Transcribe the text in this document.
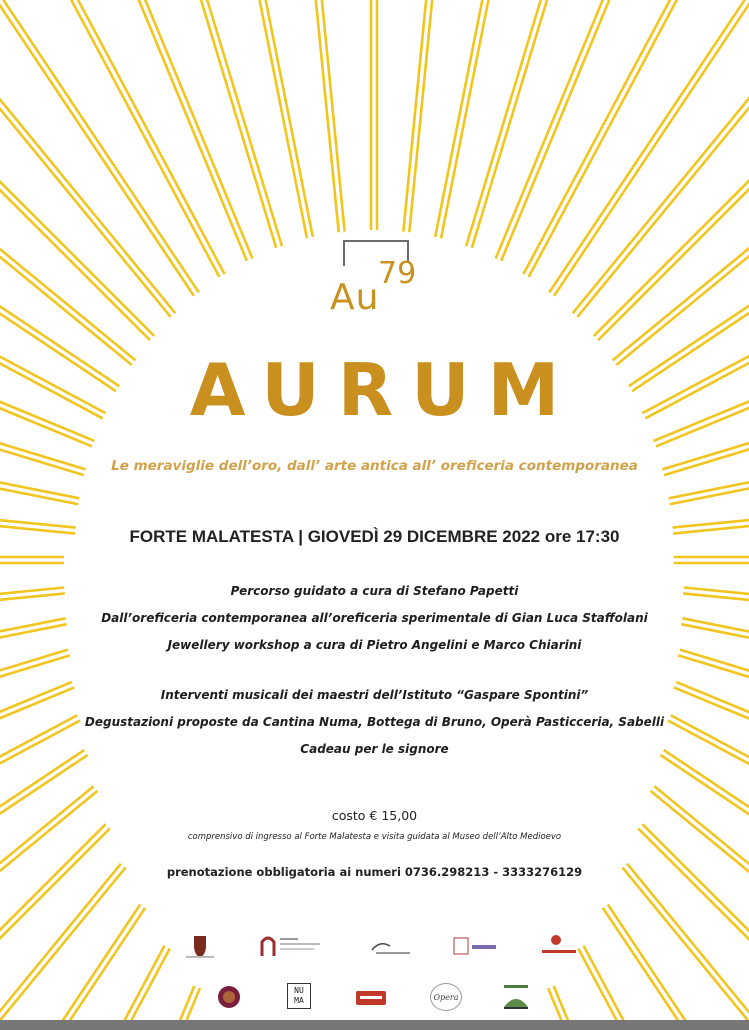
79
Au
AURUM
Le meraviglie dell’oro, dall’ arte antica all’ oreficeria contemporanea
FORTE MALATESTA | GIOVEDÌ 29 DICEMBRE 2022 ore 17:30
Percorso guidato a cura di Stefano Papetti
Dall’oreficeria contemporanea all’oreficeria sperimentale di Gian Luca Staffolani
Jewellery workshop a cura di Pietro Angelini e Marco Chiarini
Interventi musicali dei maestri dell’Istituto “Gaspare Spontini”
Degustazioni proposte da Cantina Numa, Bottega di Bruno, Operà Pasticceria, Sabelli
Cadeau per le signore
costo € 15,00
comprensivo di ingresso al Forte Malatesta e visita guidata al Museo dell’Alto Medioevo
prenotazione obbligatoria ai numeri 0736.298213 - 3333276129
NU MA	Opera
